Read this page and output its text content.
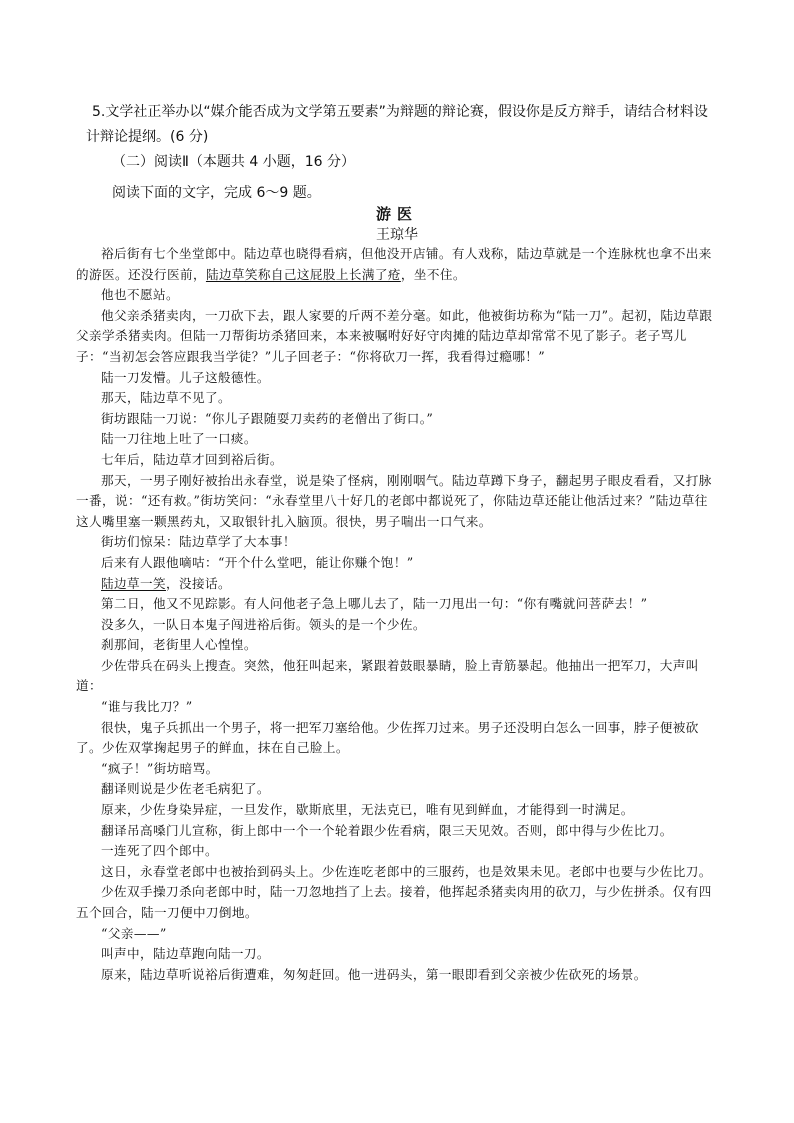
5.文学社正举办以“媒介能否成为文学第五要素”为辩题的辩论赛，假设你是反方辩手，请结合材料设
计辩论提纲。(6 分)
（二）阅读Ⅱ（本题共 4 小题，16 分）
阅读下面的文字，完成 6～9 题。
游医
王琼华

裕后街有七个坐堂郎中。陆边草也晓得看病，但他没开店铺。有人戏称，陆边草就是一个连脉枕也拿不出来的游医。还没行医前，陆边草笑称自己这屁股上长满了疮，坐不住。

他也不愿站。

他父亲杀猪卖肉，一刀砍下去，跟人家要的斤两不差分毫。如此，他被街坊称为“陆一刀”。起初，陆边草跟父亲学杀猪卖肉。但陆一刀帮街坊杀猪回来，本来被嘱咐好好守肉摊的陆边草却常常不见了影子。老子骂儿子：“当初怎会答应跟我当学徒？”儿子回老子：“你将砍刀一挥，我看得过瘾哪！”

陆一刀发懵。儿子这般德性。

那天，陆边草不见了。

街坊跟陆一刀说：“你儿子跟随耍刀卖药的老僧出了街口。”

陆一刀往地上吐了一口痰。

七年后，陆边草才回到裕后街。

那天，一男子刚好被抬出永春堂，说是染了怪病，刚刚咽气。陆边草蹲下身子，翻起男子眼皮看看，又打脉一番，说：“还有救。”街坊笑问：“永春堂里八十好几的老郎中都说死了，你陆边草还能让他活过来？”陆边草往这人嘴里塞一颗黑药丸，又取银针扎入脑顶。很快，男子喘出一口气来。

街坊们惊呆：陆边草学了大本事！

后来有人跟他嘀咕：“开个什么堂吧，能让你赚个饱！”

陆边草一笑，没接话。

第二日，他又不见踪影。有人问他老子急上哪儿去了，陆一刀甩出一句：“你有嘴就问菩萨去！”

没多久，一队日本鬼子闯进裕后街。领头的是一个少佐。

刹那间，老街里人心惶惶。

少佐带兵在码头上搜查。突然，他狂叫起来，紧跟着鼓眼暴睛，脸上青筋暴起。他抽出一把军刀，大声叫道：

“谁与我比刀？”

很快，鬼子兵抓出一个男子，将一把军刀塞给他。少佐挥刀过来。男子还没明白怎么一回事，脖子便被砍了。少佐双掌掬起男子的鲜血，抹在自己脸上。

“疯子！”街坊暗骂。

翻译则说是少佐老毛病犯了。

原来，少佐身染异症，一旦发作，歇斯底里，无法克已，唯有见到鲜血，才能得到一时满足。

翻译吊高嗓门儿宣称，街上郎中一个一个轮着跟少佐看病，限三天见效。否则，郎中得与少佐比刀。

一连死了四个郎中。

这日，永春堂老郎中也被抬到码头上。少佐连吃老郎中的三服药，也是效果未见。老郎中也要与少佐比刀。

少佐双手操刀杀向老郎中时，陆一刀忽地挡了上去。接着，他挥起杀猪卖肉用的砍刀，与少佐拼杀。仅有四五个回合，陆一刀便中刀倒地。

“父亲——”

叫声中，陆边草跑向陆一刀。

原来，陆边草听说裕后街遭难，匆匆赶回。他一进码头，第一眼即看到父亲被少佐砍死的场景。
